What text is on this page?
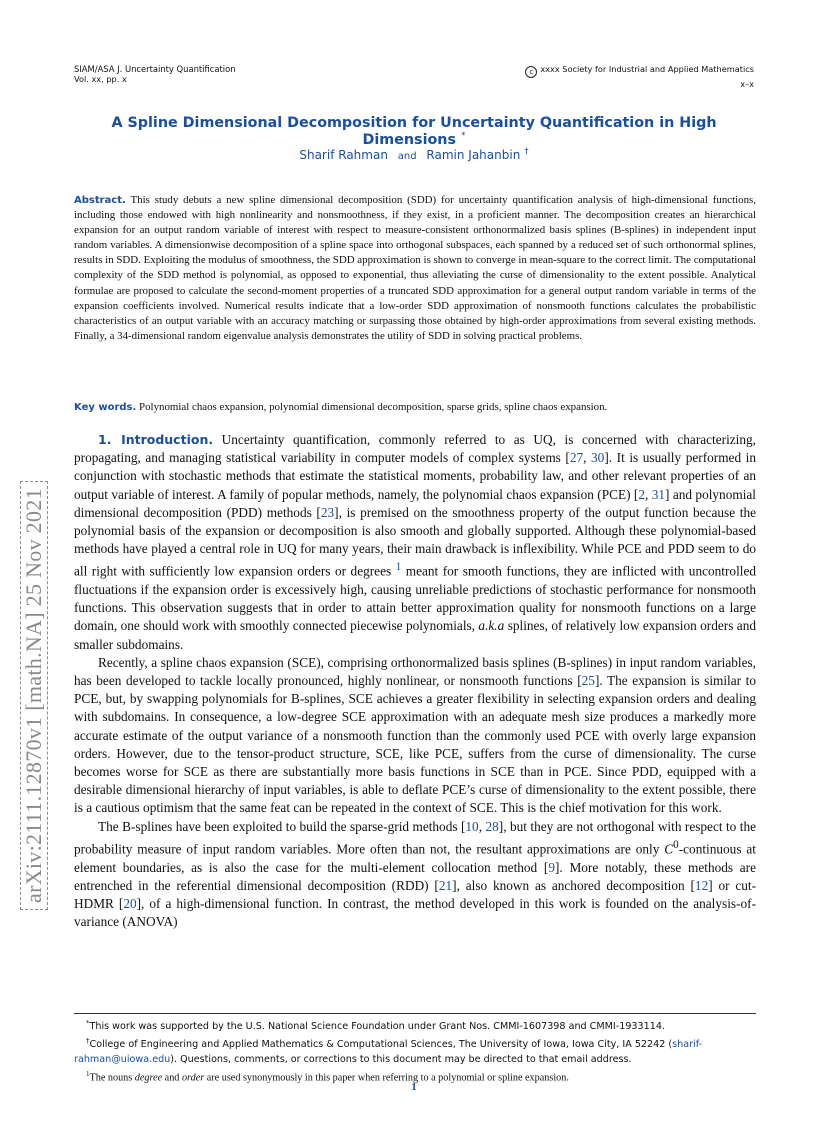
SIAM/ASA J. Uncertainty Quantification
Vol. xx, pp. x
c xxxx Society for Industrial and Applied Mathematics
x–x
arXiv:2111.12870v1 [math.NA] 25 Nov 2021
A Spline Dimensional Decomposition for Uncertainty Quantification in High Dimensions *
Sharif Rahman and Ramin Jahanbin †

Abstract. This study debuts a new spline dimensional decomposition (SDD) for uncertainty quantification analysis of high-dimensional functions, including those endowed with high nonlinearity and nonsmoothness, if they exist, in a proficient manner. The decomposition creates an hierarchical expansion for an output random variable of interest with respect to measure-consistent orthonormalized basis splines (B-splines) in independent input random variables. A dimensionwise decomposition of a spline space into orthogonal subspaces, each spanned by a reduced set of such orthonormal splines, results in SDD. Exploiting the modulus of smoothness, the SDD approximation is shown to converge in mean-square to the correct limit. The computational complexity of the SDD method is polynomial, as opposed to exponential, thus alleviating the curse of dimensionality to the extent possible. Analytical formulae are proposed to calculate the second-moment properties of a truncated SDD approximation for a general output random variable in terms of the expansion coefficients involved. Numerical results indicate that a low-order SDD approximation of nonsmooth functions calculates the probabilistic characteristics of an output variable with an accuracy matching or surpassing those obtained by high-order approximations from several existing methods. Finally, a 34-dimensional random eigenvalue analysis demonstrates the utility of SDD in solving practical problems.

Key words. Polynomial chaos expansion, polynomial dimensional decomposition, sparse grids, spline chaos expansion.

1. Introduction. Uncertainty quantification, commonly referred to as UQ, is concerned with characterizing, propagating, and managing statistical variability in computer models of complex systems [27, 30]. It is usually performed in conjunction with stochastic methods that estimate the statistical moments, probability law, and other relevant properties of an output variable of interest. A family of popular methods, namely, the polynomial chaos expansion (PCE) [2, 31] and polynomial dimensional decomposition (PDD) methods [23], is premised on the smoothness property of the output function because the polynomial basis of the expansion or decomposition is also smooth and globally supported. Although these polynomial-based methods have played a central role in UQ for many years, their main drawback is inflexibility. While PCE and PDD seem to do all right with sufficiently low expansion orders or degrees $^1$ meant for smooth functions, they are inflicted with uncontrolled fluctuations if the expansion order is excessively high, causing unreliable predictions of stochastic performance for nonsmooth functions. This observation suggests that in order to attain better approximation quality for nonsmooth functions on a large domain, one should work with smoothly connected piecewise polynomials, a.k.a splines, of relatively low expansion orders and smaller subdomains.

Recently, a spline chaos expansion (SCE), comprising orthonormalized basis splines (B-splines) in input random variables, has been developed to tackle locally pronounced, highly nonlinear, or nonsmooth functions [25]. The expansion is similar to PCE, but, by swapping polynomials for B-splines, SCE achieves a greater flexibility in selecting expansion orders and dealing with subdomains. In consequence, a low-degree SCE approximation with an adequate mesh size produces a markedly more accurate estimate of the output variance of a nonsmooth function than the commonly used PCE with overly large expansion orders. However, due to the tensor-product structure, SCE, like PCE, suffers from the curse of dimensionality. The curse becomes worse for SCE as there are substantially more basis functions in SCE than in PCE. Since PDD, equipped with a desirable dimensional hierarchy of input variables, is able to deflate PCE’s curse of dimensionality to the extent possible, there is a cautious optimism that the same feat can be repeated in the context of SCE. This is the chief motivation for this work.

The B-splines have been exploited to build the sparse-grid methods [10, 28], but they are not orthogonal with respect to the probability measure of input random variables. More often than not, the resultant approximations are only $C^0$-continuous at element boundaries, as is also the case for the multi-element collocation method [9]. More notably, these methods are entrenched in the referential dimensional decomposition (RDD) [21], also known as anchored decomposition [12] or cut-HDMR [20], of a high-dimensional function. In contrast, the method developed in this work is founded on the analysis-of-variance (ANOVA)

*This work was supported by the U.S. National Science Foundation under Grant Nos. CMMI-1607398 and CMMI-1933114.

†College of Engineering and Applied Mathematics & Computational Sciences, The University of Iowa, Iowa City, IA 52242 (sharif-rahman@uiowa.edu). Questions, comments, or corrections to this document may be directed to that email address.

$^1$The nouns degree and order are used synonymously in this paper when referring to a polynomial or spline expansion.

1
